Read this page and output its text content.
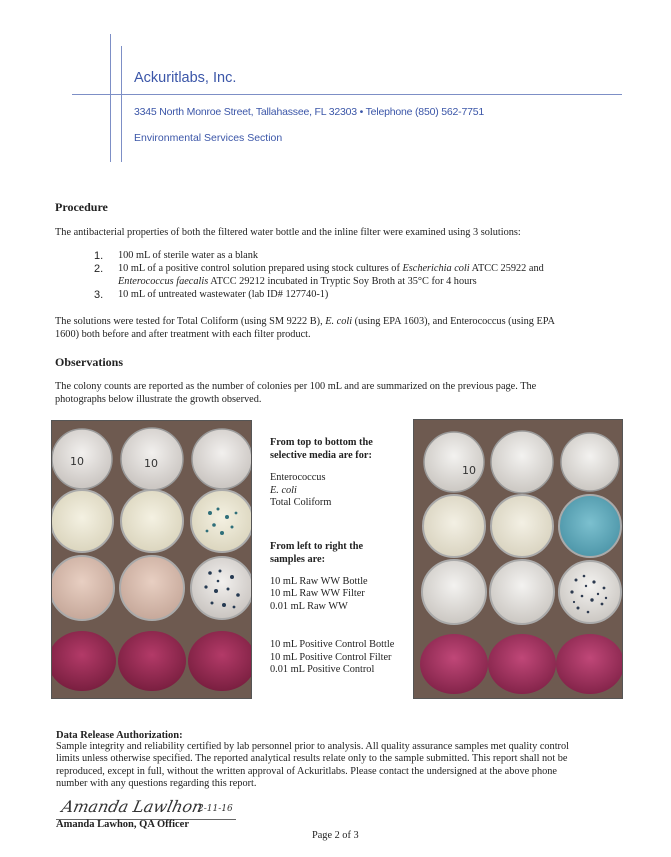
Ackuritlabs, Inc.
3345 North Monroe Street, Tallahassee, FL 32303 • Telephone (850) 562-7751
Environmental Services Section
Procedure
The antibacterial properties of both the filtered water bottle and the inline filter were examined using 3 solutions:
1. 100 mL of sterile water as a blank
2. 10 mL of a positive control solution prepared using stock cultures of Escherichia coli ATCC 25922 and
Enterococcus faecalis ATCC 29212 incubated in Tryptic Soy Broth at 35°C for 4 hours
3. 10 mL of untreated wastewater (lab ID# 127740-1)
The solutions were tested for Total Coliform (using SM 9222 B), E. coli (using EPA 1603), and Enterococcus (using EPA
1600) both before and after treatment with each filter product.
Observations
The colony counts are reported as the number of colonies per 100 mL and are summarized on the previous page. The
photographs below illustrate the growth observed.
10	10
From top to bottom the
selective media are for:
Enterococcus
E. coli
Total Coliform
From left to right the
samples are:
10 mL Raw WW Bottle
10 mL Raw WW Filter
0.01 mL Raw WW
10 mL Positive Control Bottle
10 mL Positive Control Filter
0.01 mL Positive Control
10
Data Release Authorization:
Sample integrity and reliability certified by lab personnel prior to analysis. All quality assurance samples met quality control
limits unless otherwise specified. The reported analytical results relate only to the sample submitted. This report shall not be
reproduced, except in full, without the written approval of Ackuritlabs. Please contact the undersigned at the above phone
number with any questions regarding this report.
Amanda Lawlhon
2-11-16
Amanda Lawhon, QA Officer
Page 2 of 3
